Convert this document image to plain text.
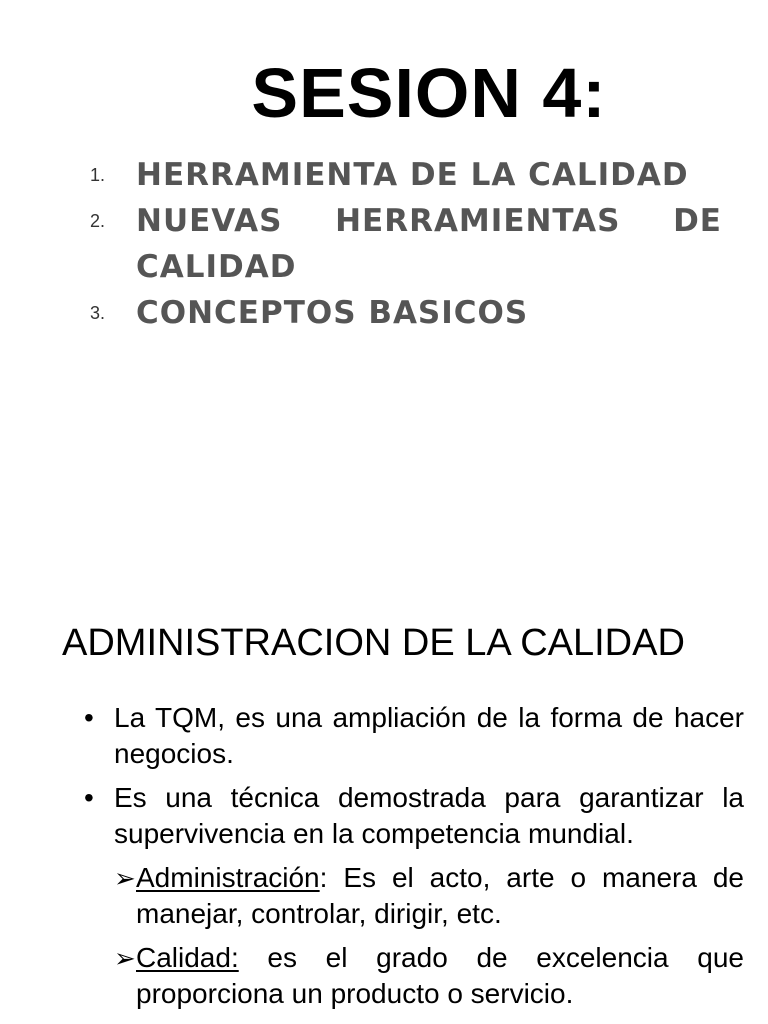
SESION 4:
1. HERRAMIENTA DE LA CALIDAD
2. NUEVAS HERRAMIENTAS DE
CALIDAD
3. CONCEPTOS BASICOS
ADMINISTRACION DE LA CALIDAD
• La TQM, es una ampliación de la forma de hacer negocios.
• Es una técnica demostrada para garantizar la supervivencia en la competencia mundial.
➢ Administración: Es el acto, arte o manera de manejar, controlar, dirigir, etc.
➢ Calidad: es el grado de excelencia que proporciona un producto o servicio.
